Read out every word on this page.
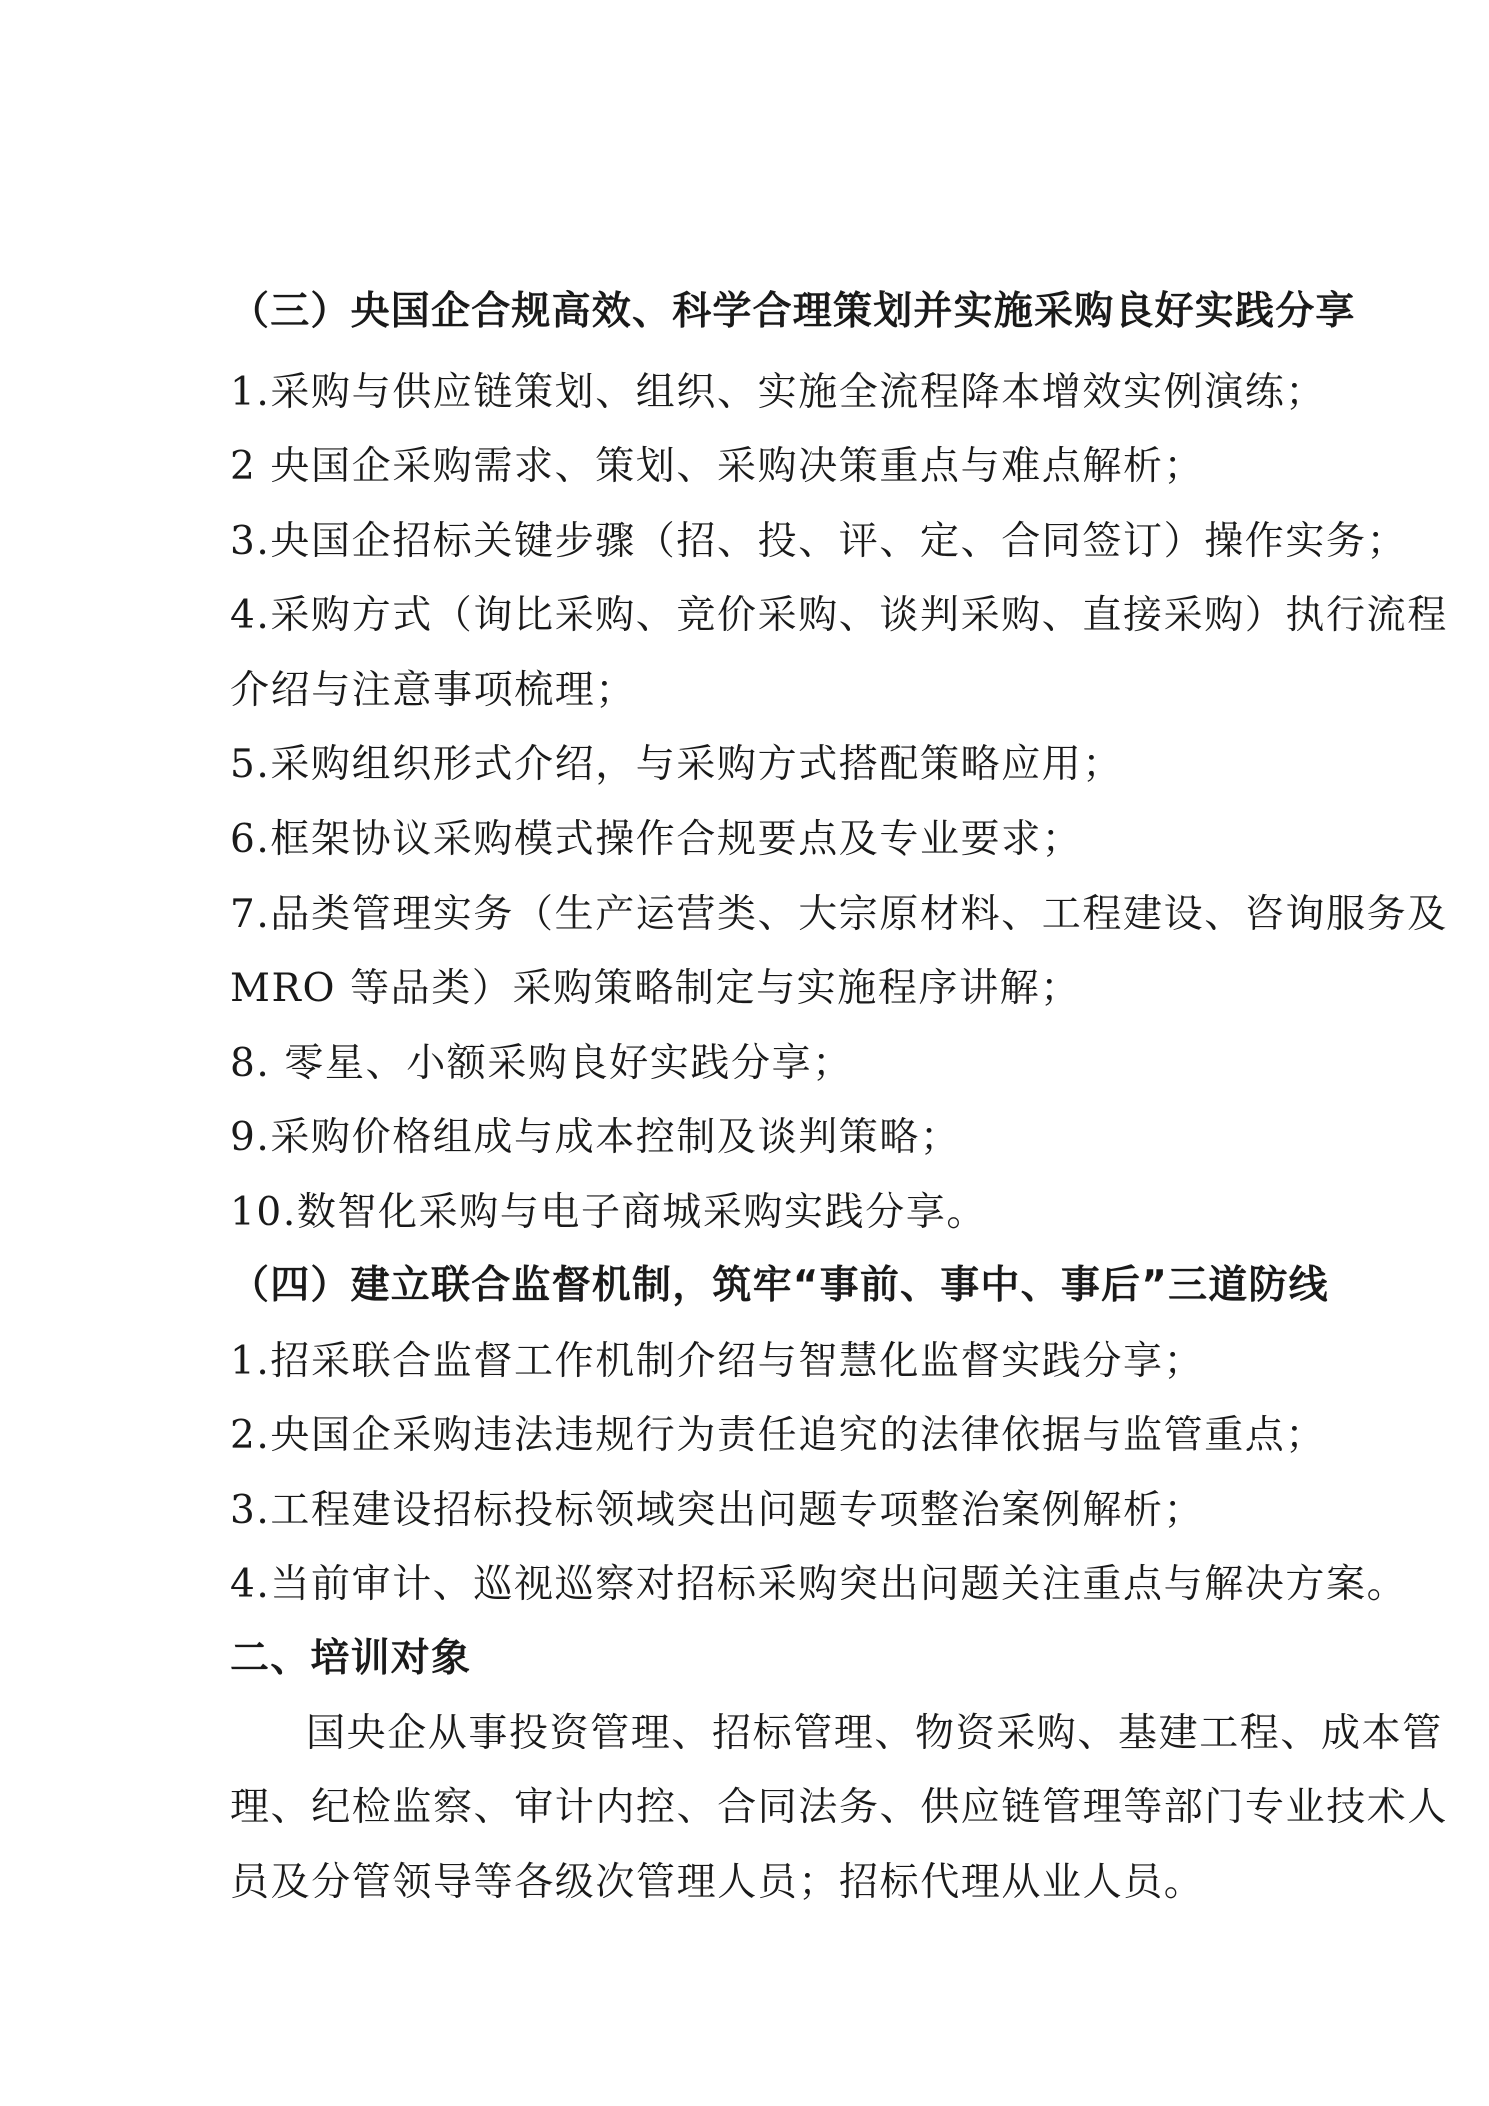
（三）央国企合规高效、科学合理策划并实施采购良好实践分享
1.采购与供应链策划、组织、实施全流程降本增效实例演练；
2 央国企采购需求、策划、采购决策重点与难点解析；
3.央国企招标关键步骤（招、投、评、定、合同签订）操作实务；
4.采购方式（询比采购、竞价采购、谈判采购、直接采购）执行流程
介绍与注意事项梳理；
5.采购组织形式介绍，与采购方式搭配策略应用；
6.框架协议采购模式操作合规要点及专业要求；
7.品类管理实务（生产运营类、大宗原材料、工程建设、咨询服务及
MRO 等品类）采购策略制定与实施程序讲解；
8. 零星、小额采购良好实践分享；
9.采购价格组成与成本控制及谈判策略；
10.数智化采购与电子商城采购实践分享。
（四）建立联合监督机制，筑牢“事前、事中、事后”三道防线
1.招采联合监督工作机制介绍与智慧化监督实践分享；
2.央国企采购违法违规行为责任追究的法律依据与监管重点；
3.工程建设招标投标领域突出问题专项整治案例解析；
4.当前审计、巡视巡察对招标采购突出问题关注重点与解决方案。
二、培训对象
国央企从事投资管理、招标管理、物资采购、基建工程、成本管
理、纪检监察、审计内控、合同法务、供应链管理等部门专业技术人
员及分管领导等各级次管理人员；招标代理从业人员。
